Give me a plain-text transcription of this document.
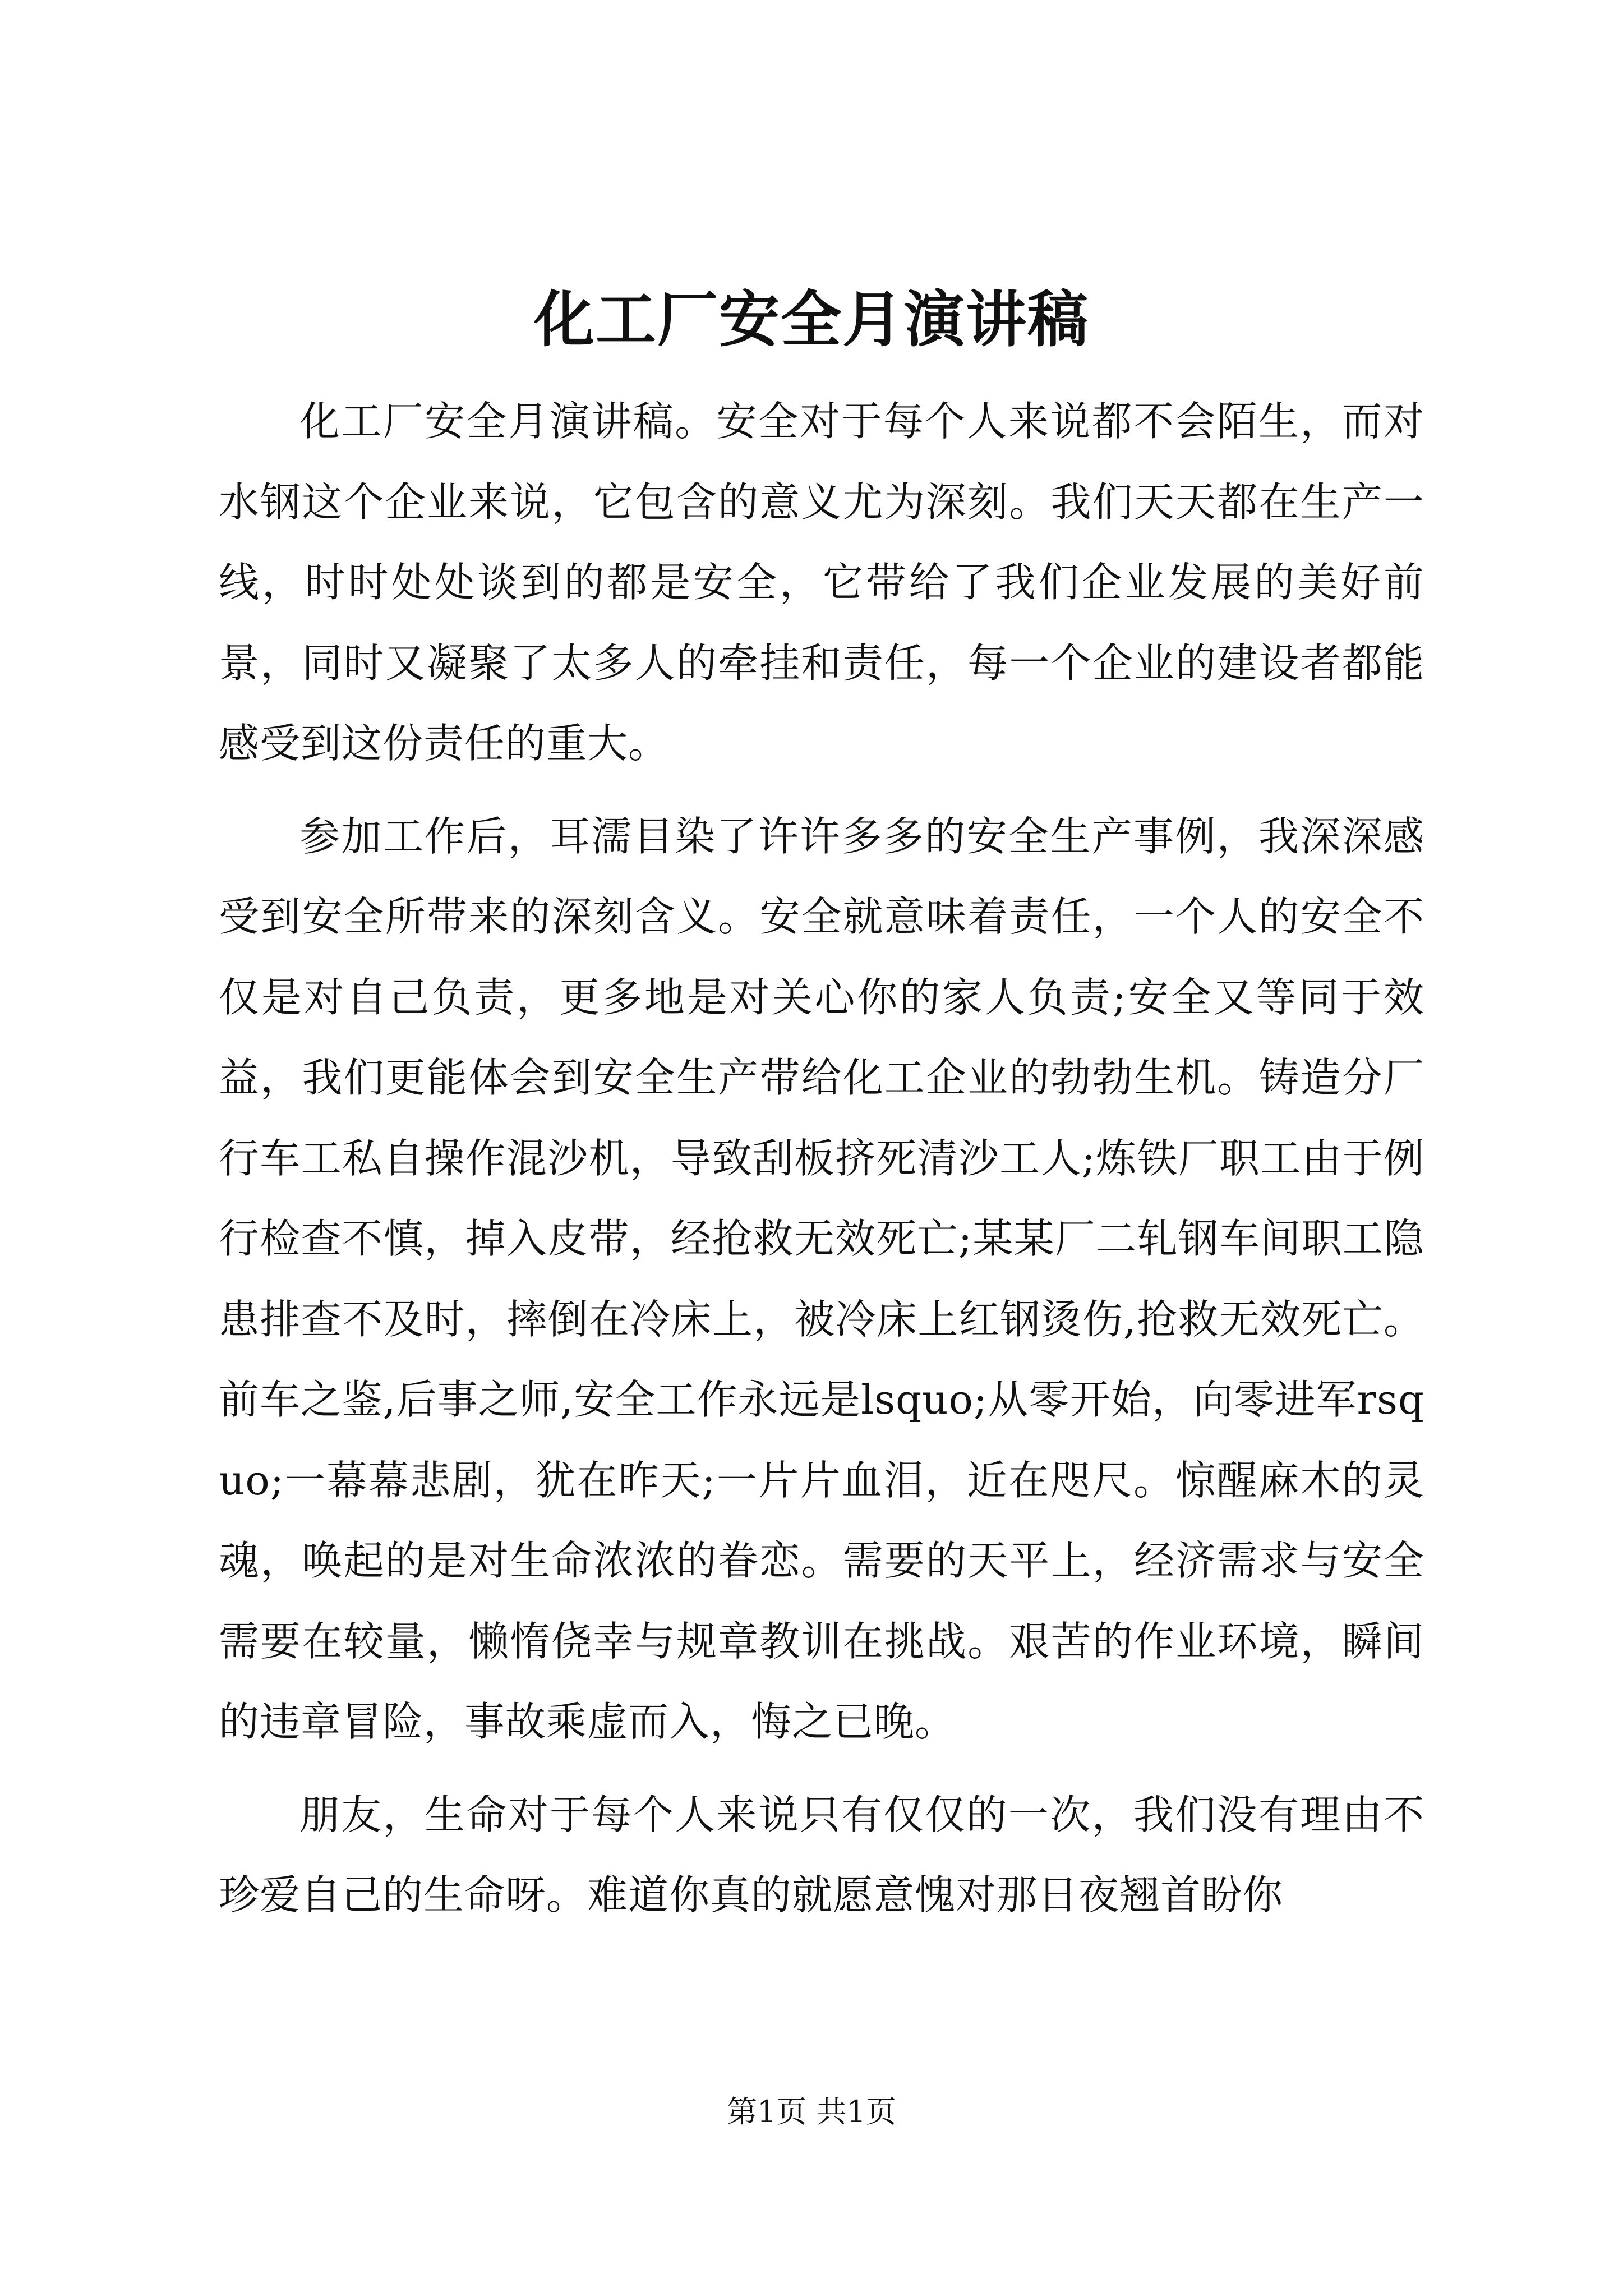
化工厂安全月演讲稿

化工厂安全月演讲稿。安全对于每个人来说都不会陌生，而对水钢这个企业来说，它包含的意义尤为深刻。我们天天都在生产一线，时时处处谈到的都是安全，它带给了我们企业发展的美好前景，同时又凝聚了太多人的牵挂和责任，每一个企业的建设者都能感受到这份责任的重大。

参加工作后，耳濡目染了许许多多的安全生产事例，我深深感受到安全所带来的深刻含义。安全就意味着责任，一个人的安全不仅是对自己负责，更多地是对关心你的家人负责;安全又等同于效益，我们更能体会到安全生产带给化工企业的勃勃生机。铸造分厂行车工私自操作混沙机，导致刮板挤死清沙工人;炼铁厂职工由于例行检查不慎，掉入皮带，经抢救无效死亡;某某厂二轧钢车间职工隐患排查不及时，摔倒在冷床上，被冷床上红钢烫伤,抢救无效死亡。前车之鉴,后事之师,安全工作永远是lsquo;从零开始，向零进军rsquo;一幕幕悲剧，犹在昨天;一片片血泪，近在咫尺。惊醒麻木的灵魂，唤起的是对生命浓浓的眷恋。需要的天平上，经济需求与安全需要在较量，懒惰侥幸与规章教训在挑战。艰苦的作业环境，瞬间的违章冒险，事故乘虚而入，悔之已晚。

朋友，生命对于每个人来说只有仅仅的一次，我们没有理由不珍爱自己的生命呀。难道你真的就愿意愧对那日夜翘首盼你

第1页 共1页
